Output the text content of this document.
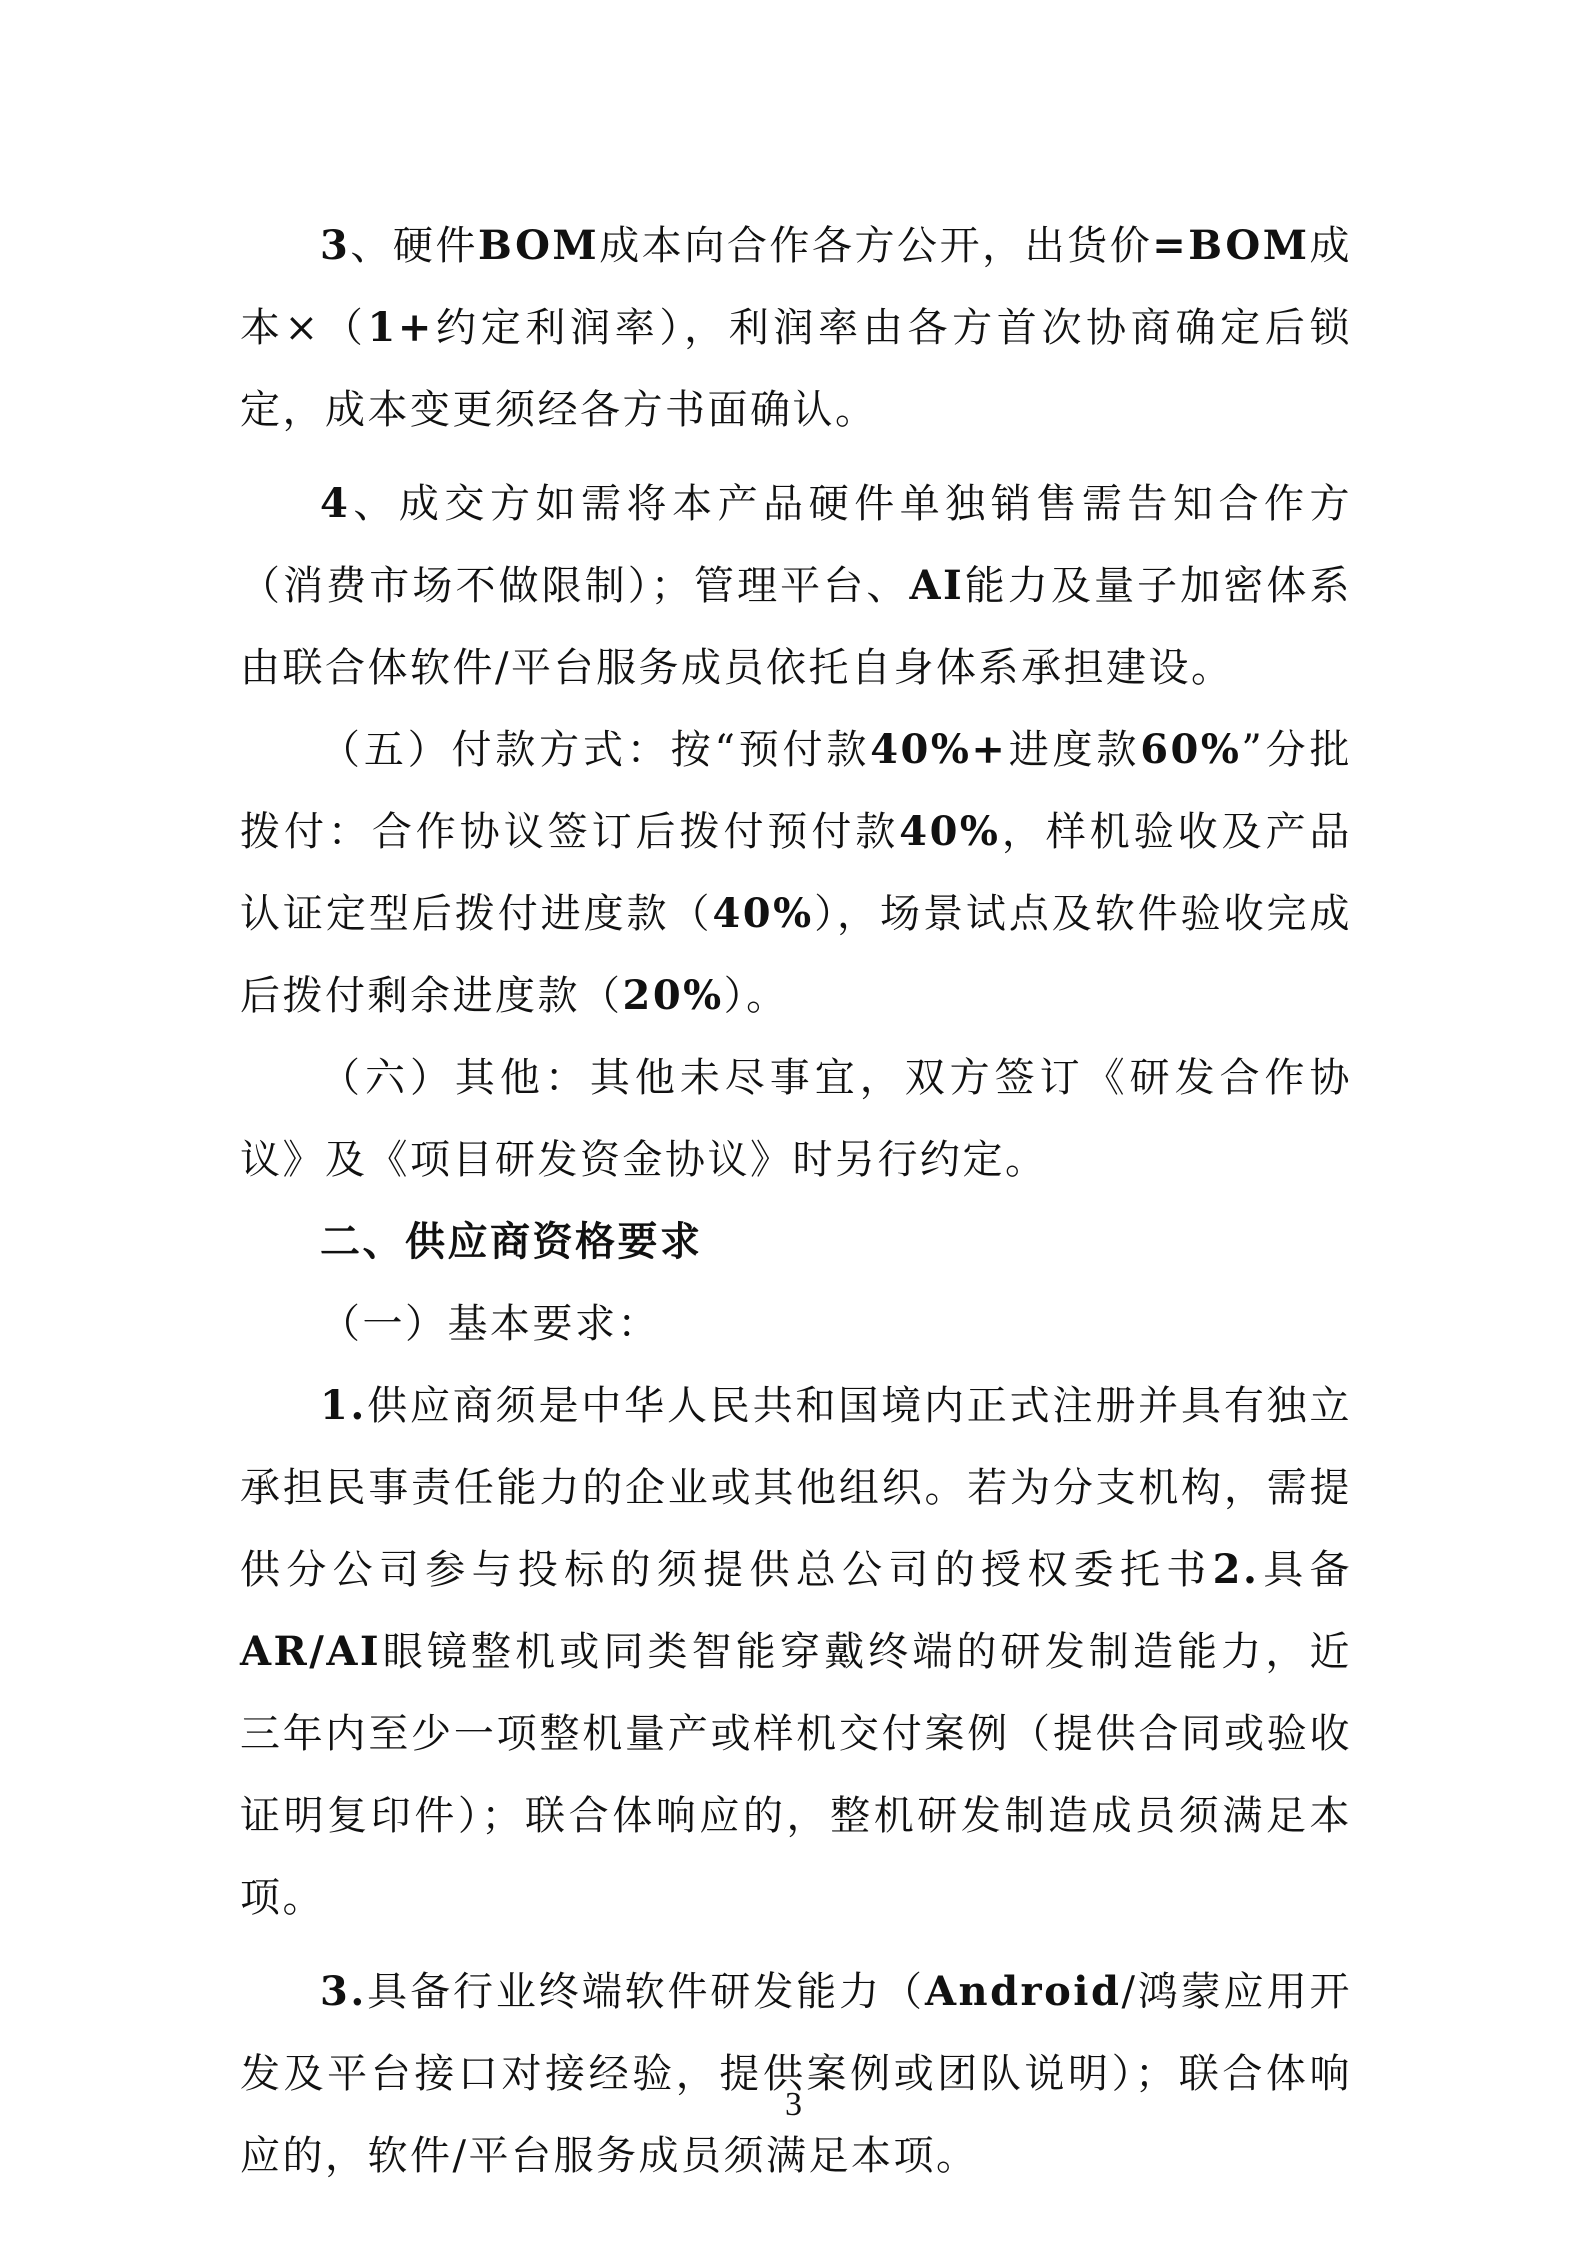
3、硬件BOM成本向合作各方公开，出货价=BOM成本×（1+约定利润率），利润率由各方首次协商确定后锁定，成本变更须经各方书面确认。

4、成交方如需将本产品硬件单独销售需告知合作方（消费市场不做限制）；管理平台、AI能力及量子加密体系由联合体软件/平台服务成员依托自身体系承担建设。

（五）付款方式：按“预付款40%+进度款60%”分批拨付：合作协议签订后拨付预付款40%，样机验收及产品认证定型后拨付进度款（40%），场景试点及软件验收完成后拨付剩余进度款（20%）。

（六）其他：其他未尽事宜，双方签订《研发合作协议》及《项目研发资金协议》时另行约定。

二、供应商资格要求

（一）基本要求：

1.供应商须是中华人民共和国境内正式注册并具有独立承担民事责任能力的企业或其他组织。若为分支机构，需提供分公司参与投标的须提供总公司的授权委托书2.具备AR/AI眼镜整机或同类智能穿戴终端的研发制造能力，近三年内至少一项整机量产或样机交付案例（提供合同或验收证明复印件）；联合体响应的，整机研发制造成员须满足本项。

3.具备行业终端软件研发能力（Android/鸿蒙应用开发及平台接口对接经验，提供案例或团队说明）；联合体响应的，软件/平台服务成员须满足本项。

3
